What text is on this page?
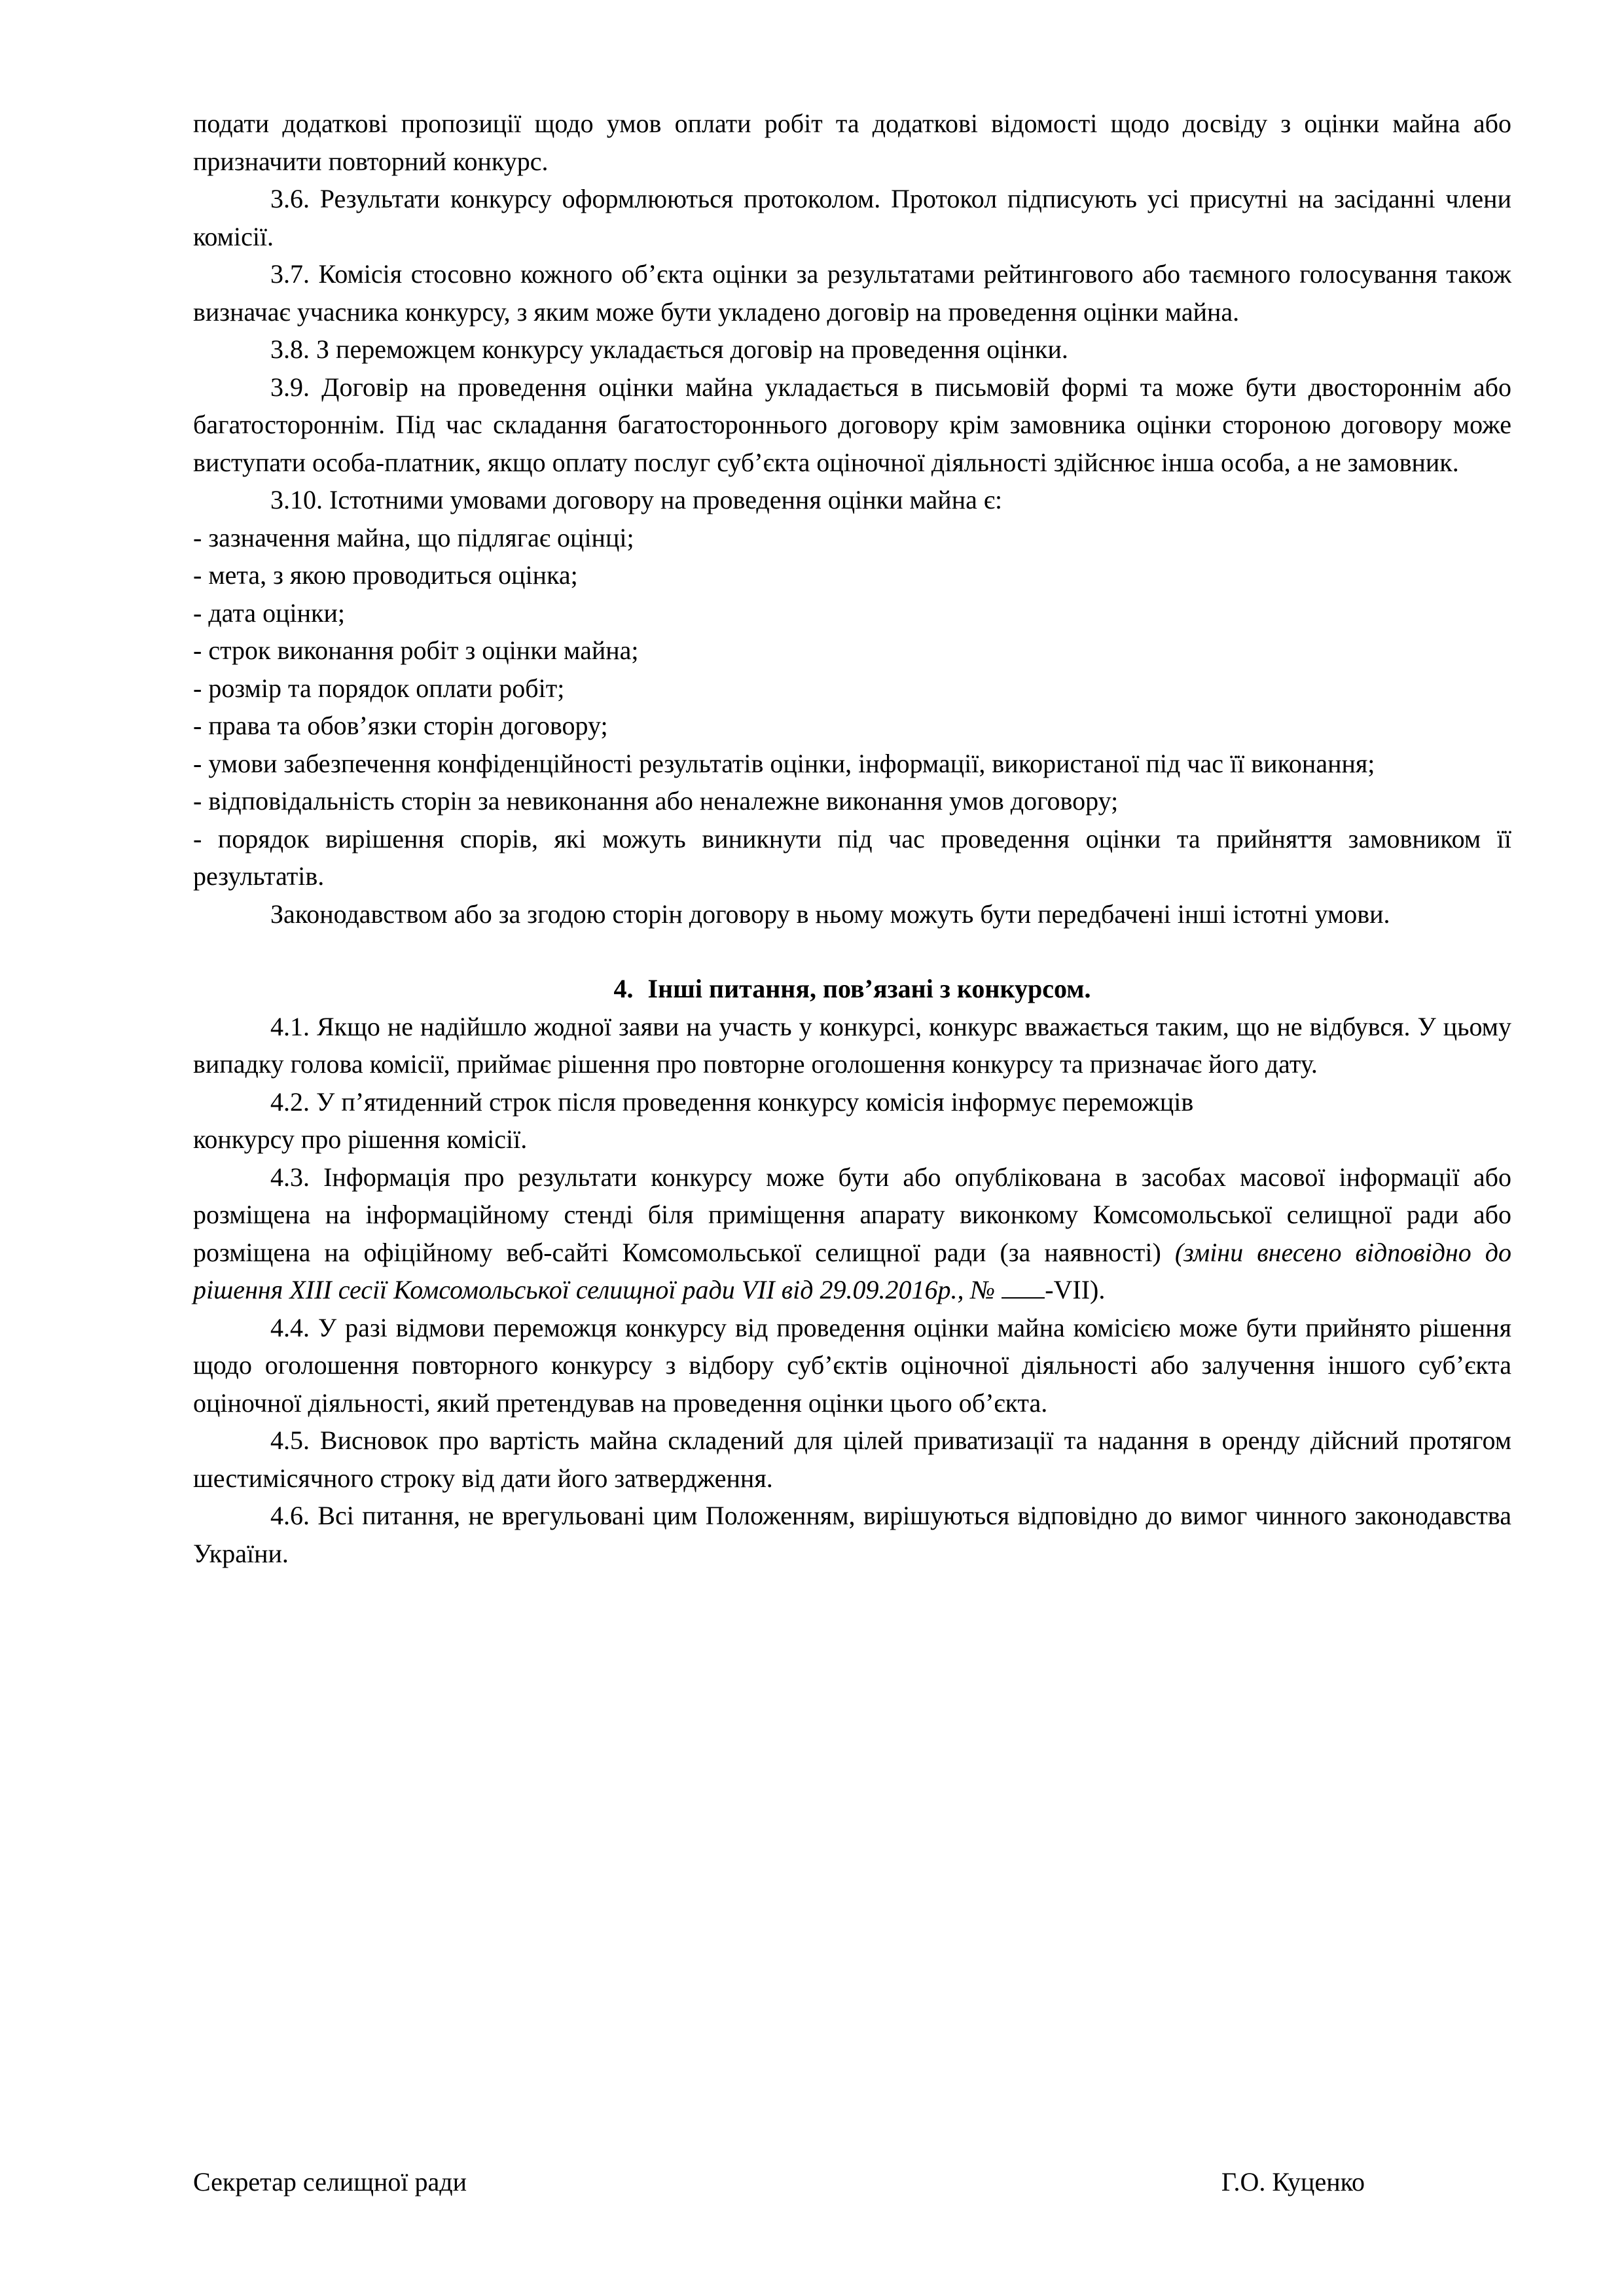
подати додаткові пропозиції щодо умов оплати робіт та додаткові відомості щодо досвіду з оцінки майна або призначити повторний конкурс.

3.6. Результати конкурсу оформлюються протоколом. Протокол підписують усі присутні на засіданні члени комісії.

3.7. Комісія стосовно кожного об’єкта оцінки за результатами рейтингового або таємного голосування також визначає учасника конкурсу, з яким може бути укладено договір на проведення оцінки майна.

3.8. З переможцем конкурсу укладається договір на проведення оцінки.

3.9. Договір на проведення оцінки майна укладається в письмовій формі та може бути двостороннім або багатостороннім. Під час складання багатостороннього договору крім замовника оцінки стороною договору може виступати особа-платник, якщо оплату послуг суб’єкта оціночної діяльності здійснює інша особа, а не замовник.

3.10. Істотними умовами договору на проведення оцінки майна є:

- зазначення майна, що підлягає оцінці;

- мета, з якою проводиться оцінка;

- дата оцінки;

- строк виконання робіт з оцінки майна;

- розмір та порядок оплати робіт;

- права та обов’язки сторін договору;

- умови забезпечення конфіденційності результатів оцінки, інформації, використаної під час її виконання;

- відповідальність сторін за невиконання або неналежне виконання умов договору;

- порядок вирішення спорів, які можуть виникнути під час проведення оцінки та прийняття замовником її результатів.

Законодавством або за згодою сторін договору в ньому можуть бути передбачені інші істотні умови.

4. Інші питання, пов’язані з конкурсом.

4.1. Якщо не надійшло жодної заяви на участь у конкурсі, конкурс вважається таким, що не відбувся. У цьому випадку голова комісії, приймає рішення про повторне оголошення конкурсу та призначає його дату.

4.2. У п’ятиденний строк після проведення конкурсу комісія інформує переможців

конкурсу про рішення комісії.

4.3. Інформація про результати конкурсу може бути або опублікована в засобах масової інформації або розміщена на інформаційному стенді біля приміщення апарату виконкому Комсомольської селищної ради або розміщена на офіційному веб-сайті Комсомольської селищної ради (за наявності) (зміни внесено відповідно до рішення XIII сесії Комсомольської селищної ради VII від 29.09.2016р., № -VII).

4.4. У разі відмови переможця конкурсу від проведення оцінки майна комісією може бути прийнято рішення щодо оголошення повторного конкурсу з відбору суб’єктів оціночної діяльності або залучення іншого суб’єкта оціночної діяльності, який претендував на проведення оцінки цього об’єкта.

4.5. Висновок про вартість майна складений для цілей приватизації та надання в оренду дійсний протягом шестимісячного строку від дати його затвердження.

4.6. Всі питання, не врегульовані цим Положенням, вирішуються відповідно до вимог чинного законодавства України.

Секретар селищної ради	Г.О. Куценко
